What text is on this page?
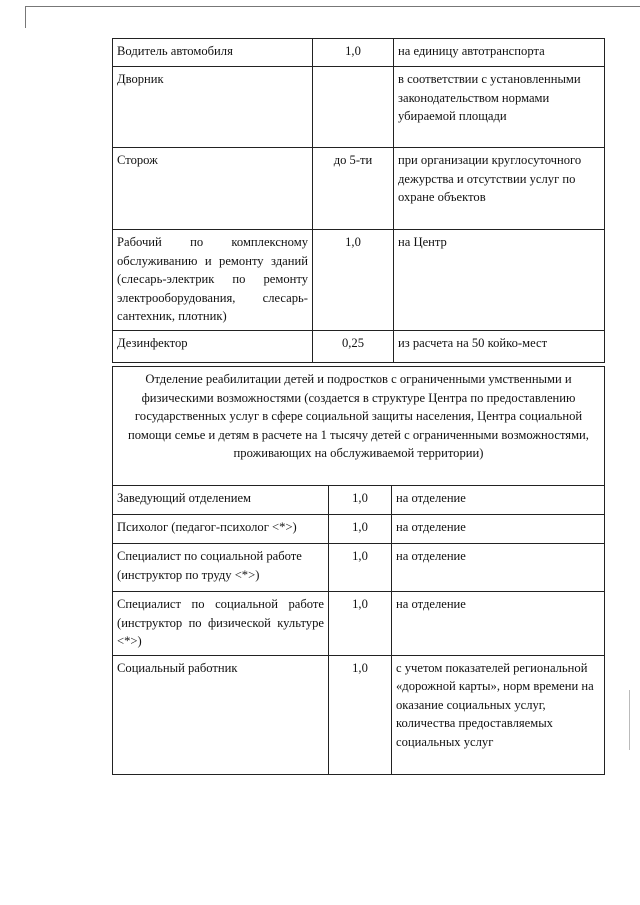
Водитель автомобиля	1,0	на единицу автотранспорта
Дворник		в соответствии с установленными законодательством нормами убираемой площади
Сторож	до 5-ти	при организации круглосуточного дежурства и отсутствии услуг по охране объектов
Рабочий по комплексному обслуживанию и ремонту зданий (слесарь-электрик по ремонту электрооборудования, слесарь-сантехник, плотник)	1,0	на Центр
Дезинфектор	0,25	из расчета на 50 койко-мест
Отделение реабилитации детей и подростков с ограниченными умственными и физическими возможностями (создается в структуре Центра по предоставлению государственных услуг в сфере социальной защиты населения, Центра социальной помощи семье и детям в расчете на 1 тысячу детей с ограниченными возможностями, проживающих на обслуживаемой территории)		
Заведующий отделением	1,0	на отделение
Психолог (педагог-психолог <*>)	1,0	на отделение
Специалист по социальной работе (инструктор по труду <*>)	1,0	на отделение
Специалист по социальной работе (инструктор по физической культуре <*>)	1,0	на отделение
Социальный работник	1,0	с учетом показателей региональной «дорожной карты», норм времени на оказание социальных услуг, количества предоставляемых социальных услуг
